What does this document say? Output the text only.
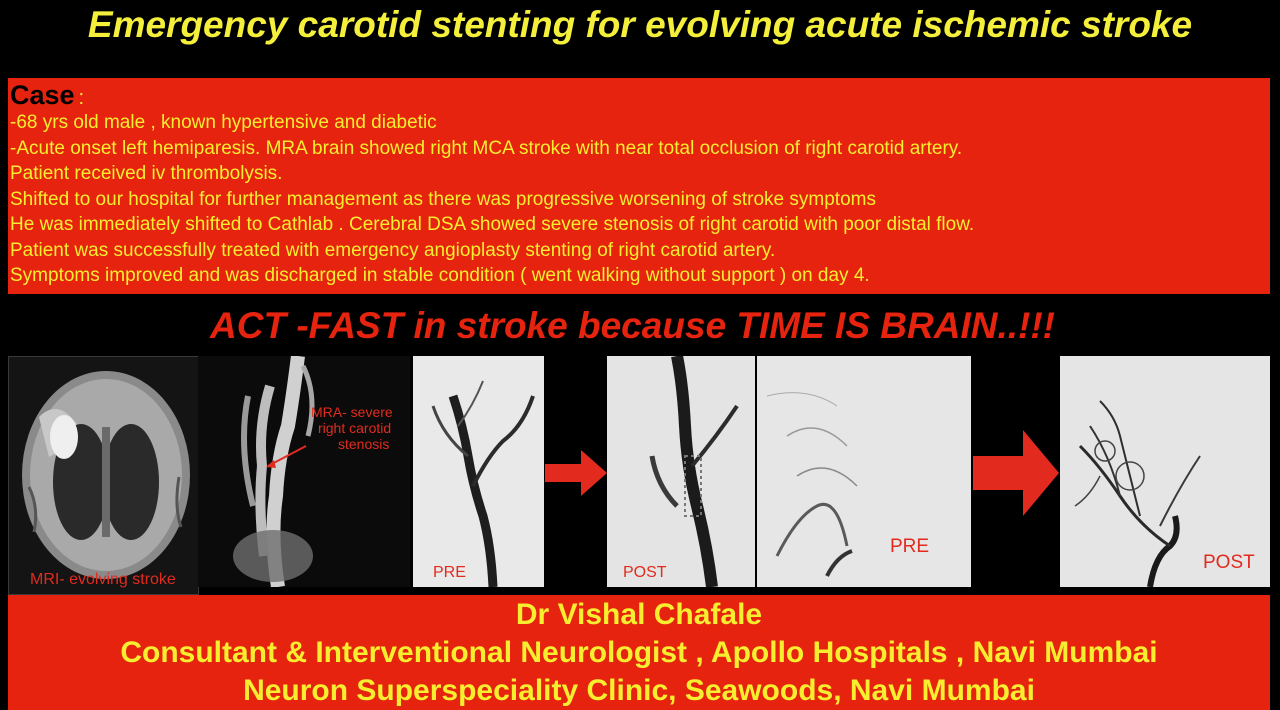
Emergency carotid stenting for evolving acute ischemic stroke
Case :
-68 yrs old male , known hypertensive and diabetic
-Acute onset left hemiparesis. MRA brain showed right MCA stroke with near total occlusion of right carotid artery.
Patient received iv thrombolysis.
Shifted to our hospital for further management as there was progressive worsening of stroke symptoms
He was immediately shifted to Cathlab . Cerebral DSA showed severe stenosis of right carotid with poor distal flow.
Patient was successfully treated with emergency angioplasty stenting of right carotid artery.
Symptoms improved and was discharged in stable condition ( went walking without support ) on day 4.
ACT -FAST in stroke because TIME IS BRAIN..!!!
MRI- evolving stroke
MRA- severe
right carotid
stenosis
PRE	POST
PRE
POST
Dr Vishal Chafale
Consultant & Interventional Neurologist , Apollo Hospitals , Navi Mumbai
Neuron Superspeciality Clinic, Seawoods, Navi Mumbai
